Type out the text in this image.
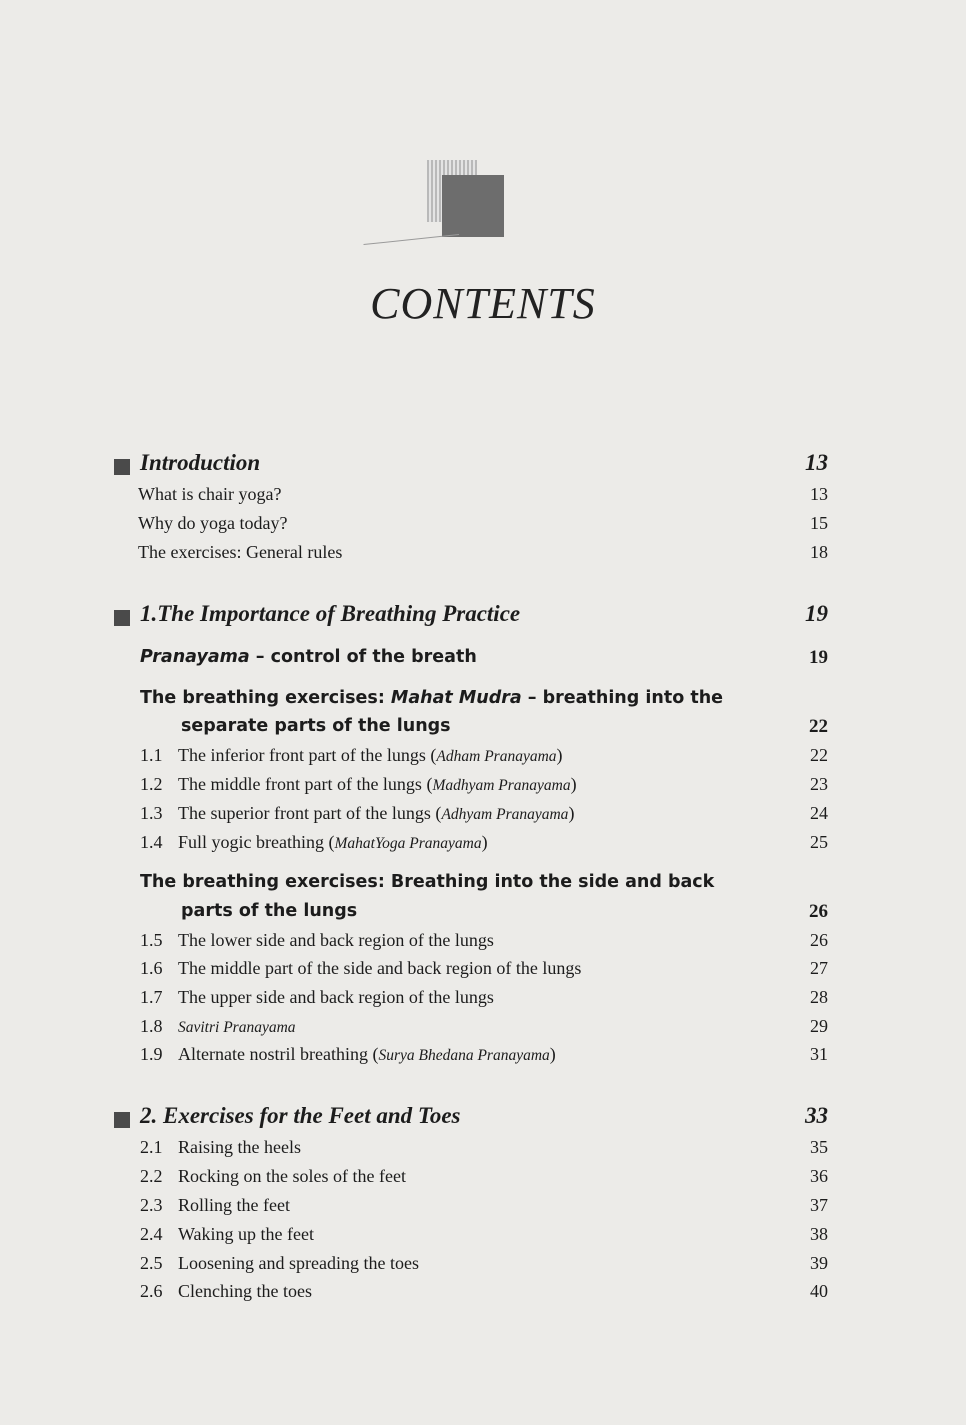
CONTENTS
Introduction	13
What is chair yoga?	13
Why do yoga today?	15
The exercises: General rules	18
1.The Importance of Breathing Practice	19
Pranayama – control of the breath	19
The breathing exercises: Mahat Mudra – breathing into the
separate parts of the lungs	22
1.1 The inferior front part of the lungs (Adham Pranayama)	22
1.2 The middle front part of the lungs (Madhyam Pranayama)	23
1.3 The superior front part of the lungs (Adhyam Pranayama)	24
1.4 Full yogic breathing (MahatYoga Pranayama)	25
The breathing exercises: Breathing into the side and back
parts of the lungs	26
1.5 The lower side and back region of the lungs	26
1.6 The middle part of the side and back region of the lungs	27
1.7 The upper side and back region of the lungs	28
1.8 Savitri Pranayama	29
1.9 Alternate nostril breathing (Surya Bhedana Pranayama)	31
2. Exercises for the Feet and Toes	33
2.1 Raising the heels	35
2.2 Rocking on the soles of the feet	36
2.3 Rolling the feet	37
2.4 Waking up the feet	38
2.5 Loosening and spreading the toes	39
2.6 Clenching the toes	40
